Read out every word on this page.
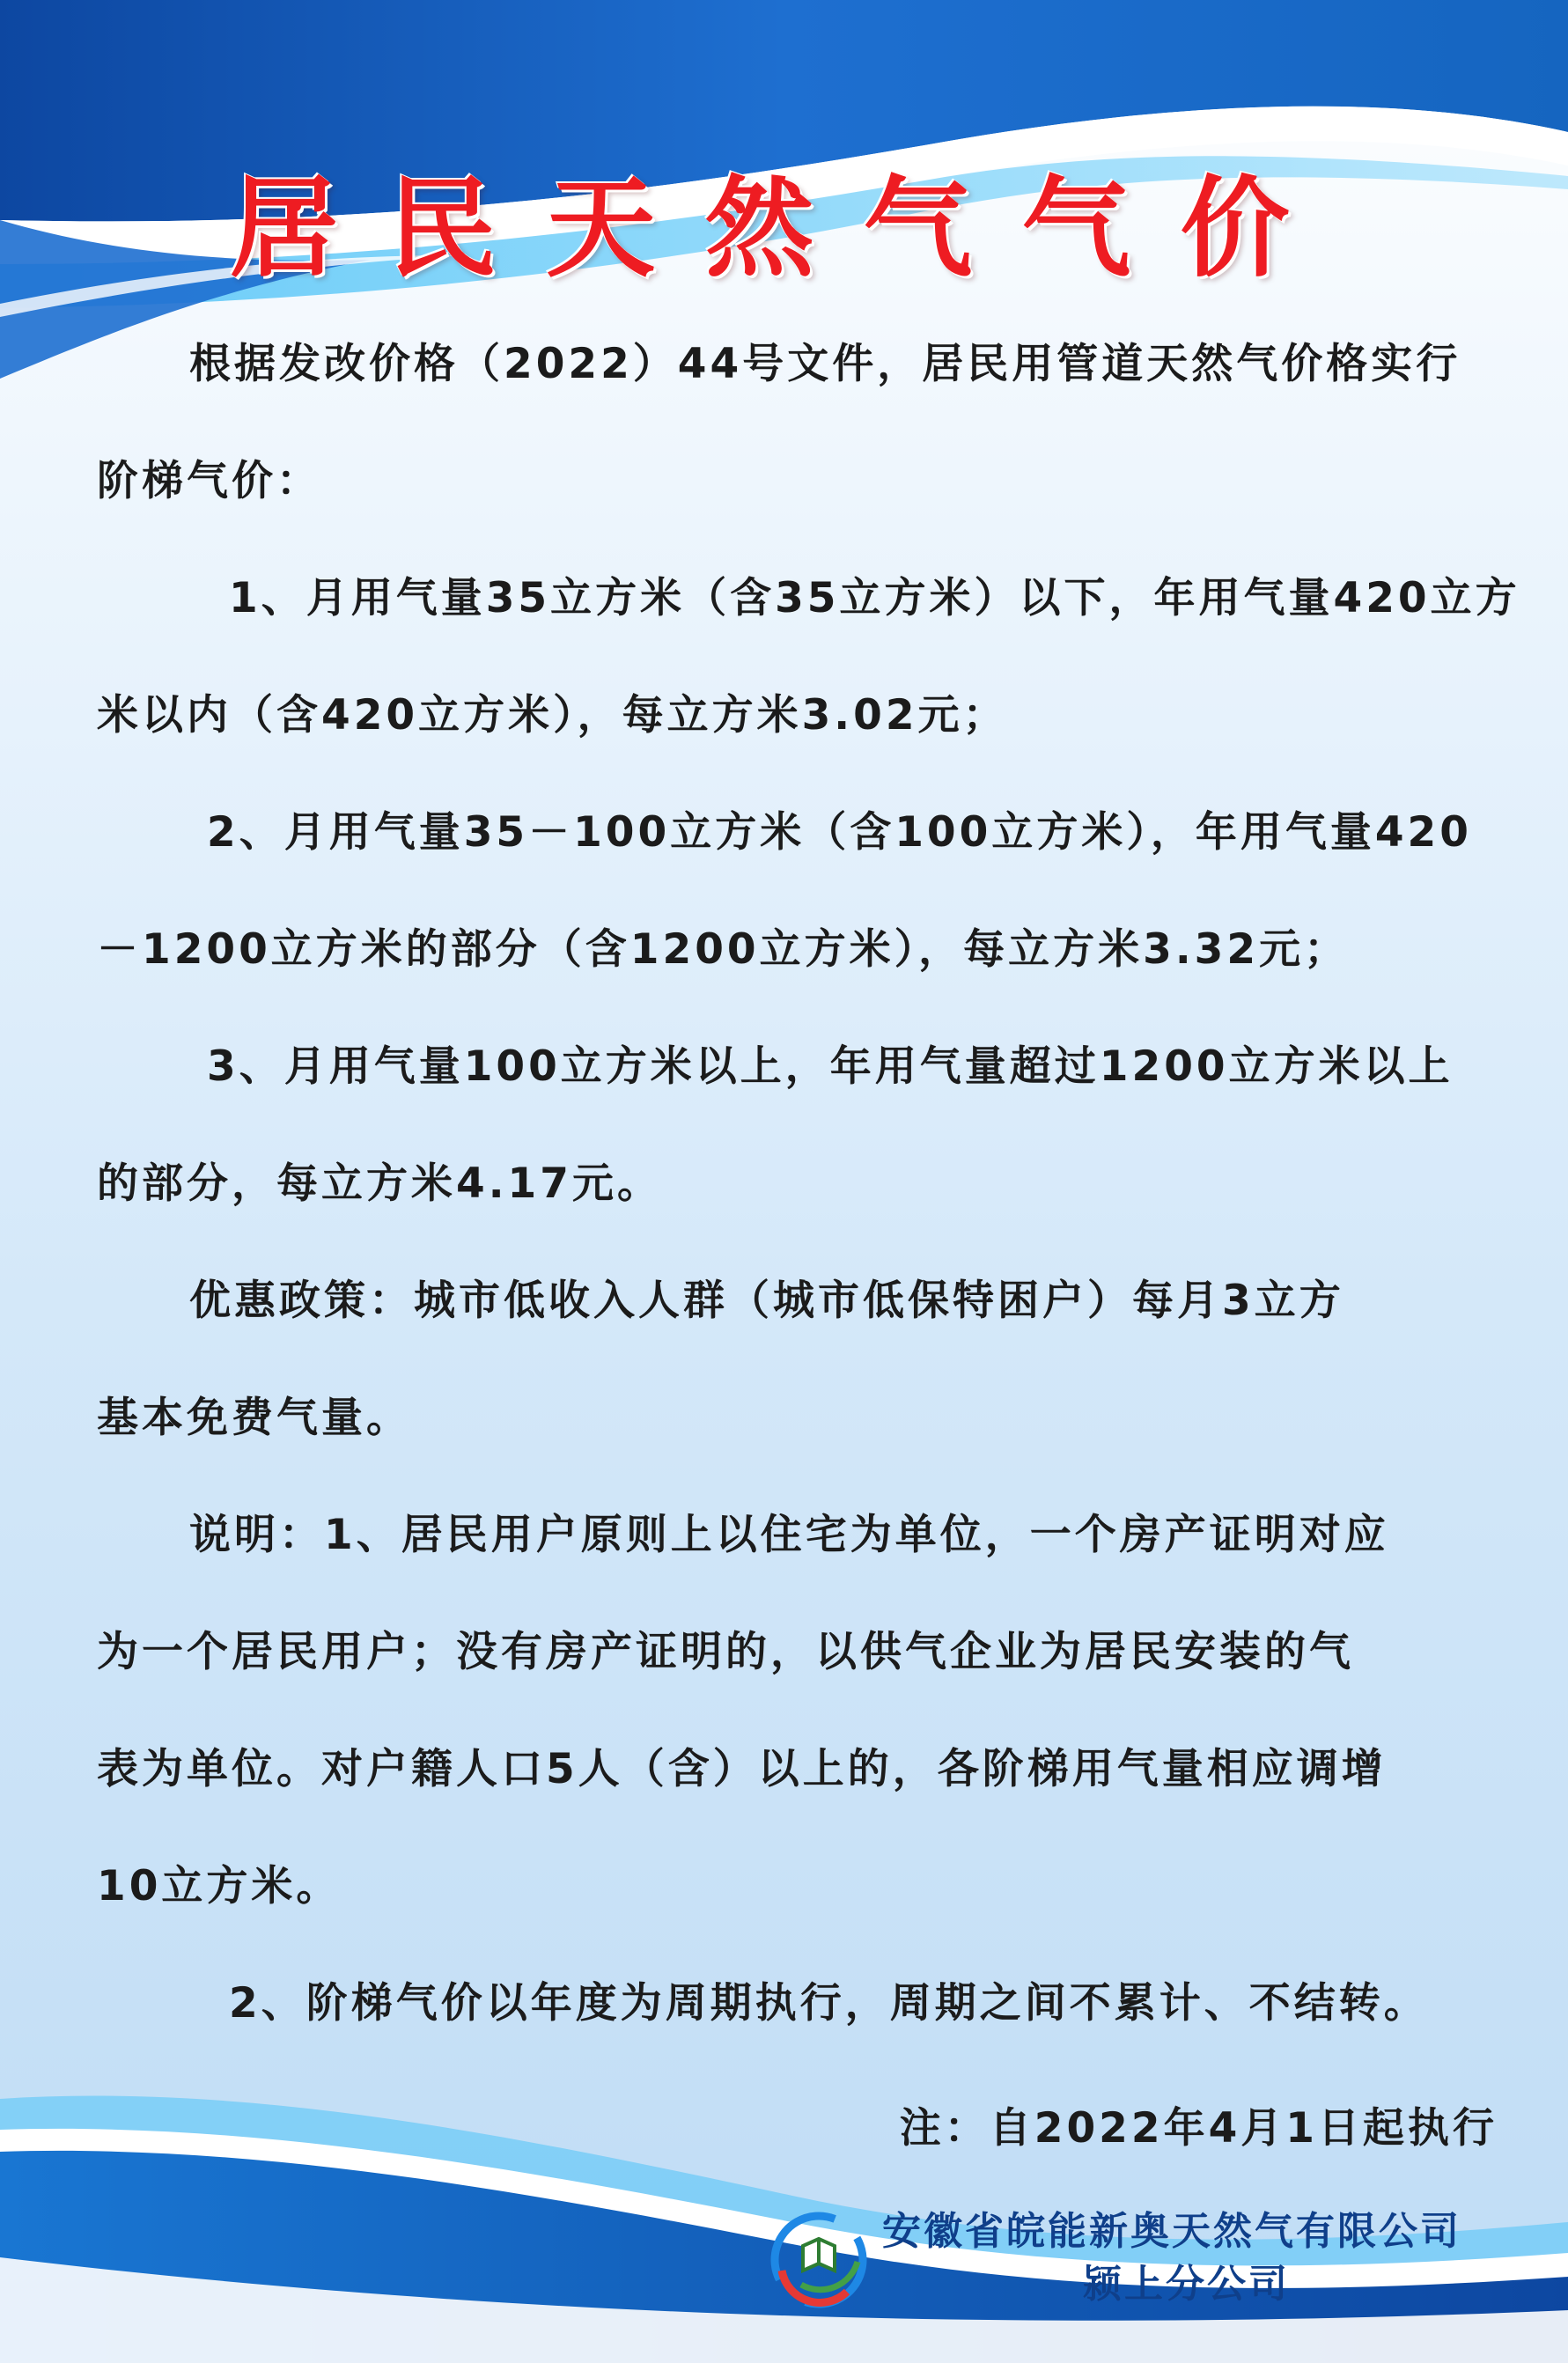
居民天然气气价
根据发改价格（2022）44号文件，居民用管道天然气价格实行
阶梯气价：
1、月用气量35立方米（含35立方米）以下，年用气量420立方
米以内（含420立方米），每立方米3.02元；
2、月用气量35－100立方米（含100立方米），年用气量420
－1200立方米的部分（含1200立方米），每立方米3.32元；
3、月用气量100立方米以上，年用气量超过1200立方米以上
的部分，每立方米4.17元。
优惠政策：城市低收入人群（城市低保特困户）每月3立方
基本免费气量。
说明：1、居民用户原则上以住宅为单位，一个房产证明对应
为一个居民用户；没有房产证明的，以供气企业为居民安装的气
表为单位。对户籍人口5人（含）以上的，各阶梯用气量相应调增
10立方米。
2、阶梯气价以年度为周期执行，周期之间不累计、不结转。
注：自2022年4月1日起执行
安徽省皖能新奥天然气有限公司
颍上分公司
